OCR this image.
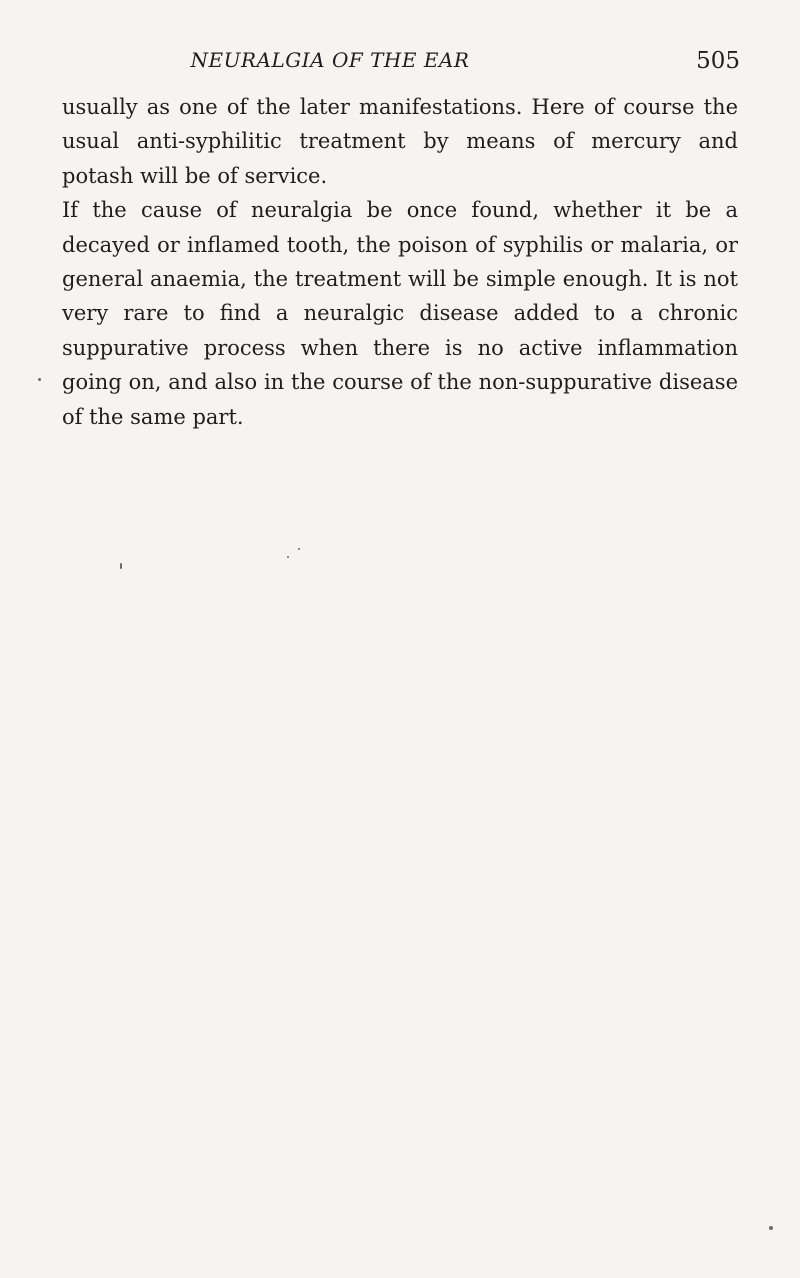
NEURALGIA OF THE EAR	505

usually as one of the later manifestations. Here of course the usual anti-syphilitic treatment by means of mercury and potash will be of service.

If the cause of neuralgia be once found, whether it be a decayed or inflamed tooth, the poison of syphilis or malaria, or general anaemia, the treatment will be simple enough. It is not very rare to find a neuralgic disease added to a chronic suppurative process when there is no active inflammation going on, and also in the course of the non-suppurative disease of the same part.
